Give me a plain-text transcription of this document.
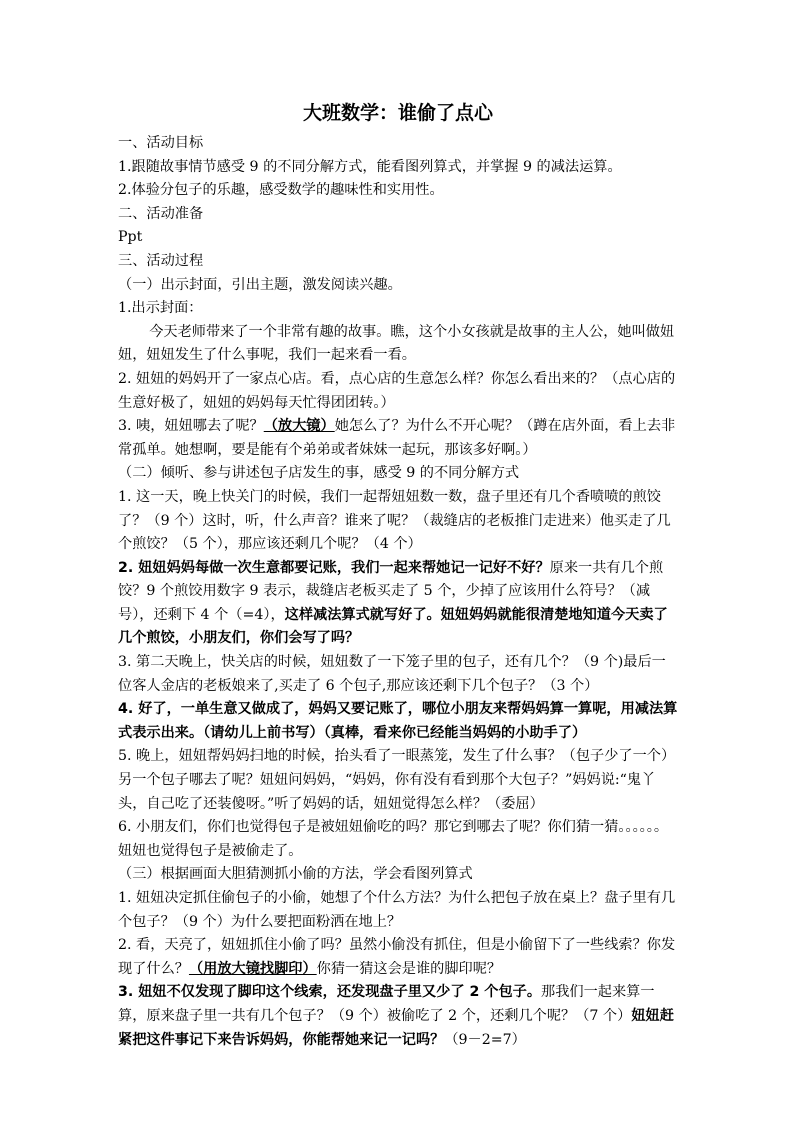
大班数学：谁偷了点心

一、活动目标

1.跟随故事情节感受 9 的不同分解方式，能看图列算式，并掌握 9 的减法运算。

2.体验分包子的乐趣，感受数学的趣味性和实用性。

二、活动准备

Ppt

三、活动过程

（一）出示封面，引出主题，激发阅读兴趣。

1.出示封面：

今天老师带来了一个非常有趣的故事。瞧，这个小女孩就是故事的主人公，她叫做妞妞，妞妞发生了什么事呢，我们一起来看一看。

2. 妞妞的妈妈开了一家点心店。看，点心店的生意怎么样？你怎么看出来的？（点心店的生意好极了，妞妞的妈妈每天忙得团团转。）

3. 咦，妞妞哪去了呢？（放大镜）她怎么了？为什么不开心呢？（蹲在店外面，看上去非常孤单。她想啊，要是能有个弟弟或者妹妹一起玩，那该多好啊。）

（二）倾听、参与讲述包子店发生的事，感受 9 的不同分解方式

1. 这一天，晚上快关门的时候，我们一起帮妞妞数一数，盘子里还有几个香喷喷的煎饺了？（9 个）这时，听，什么声音？谁来了呢？（裁缝店的老板推门走进来）他买走了几个煎饺？（5 个），那应该还剩几个呢？（4 个）

2. 妞妞妈妈每做一次生意都要记账，我们一起来帮她记一记好不好？原来一共有几个煎饺？9 个煎饺用数字 9 表示，裁缝店老板买走了 5 个，少掉了应该用什么符号？（减号），还剩下 4 个（=4），这样减法算式就写好了。妞妞妈妈就能很清楚地知道今天卖了几个煎饺，小朋友们，你们会写了吗？

3. 第二天晚上，快关店的时候，妞妞数了一下笼子里的包子，还有几个？（9 个)最后一位客人金店的老板娘来了,买走了 6 个包子,那应该还剩下几个包子？（3 个）

4. 好了，一单生意又做成了，妈妈又要记账了，哪位小朋友来帮妈妈算一算呢，用减法算式表示出来。（请幼儿上前书写）（真棒，看来你已经能当妈妈的小助手了）

5. 晚上，妞妞帮妈妈扫地的时候，抬头看了一眼蒸笼，发生了什么事？（包子少了一个）另一个包子哪去了呢？妞妞问妈妈，“妈妈，你有没有看到那个大包子？”妈妈说:“鬼丫头，自己吃了还装傻呀。”听了妈妈的话，妞妞觉得怎么样？（委屈）

6. 小朋友们，你们也觉得包子是被妞妞偷吃的吗？那它到哪去了呢？你们猜一猜。。。。。。妞妞也觉得包子是被偷走了。

（三）根据画面大胆猜测抓小偷的方法，学会看图列算式

1. 妞妞决定抓住偷包子的小偷，她想了个什么方法？为什么把包子放在桌上？盘子里有几个包子？（9 个）为什么要把面粉洒在地上？

2. 看，天亮了，妞妞抓住小偷了吗？虽然小偷没有抓住，但是小偷留下了一些线索？你发现了什么？（用放大镜找脚印）你猜一猜这会是谁的脚印呢？

3. 妞妞不仅发现了脚印这个线索，还发现盘子里又少了 2 个包子。那我们一起来算一算，原来盘子里一共有几个包子？（9 个）被偷吃了 2 个，还剩几个呢？（7 个）妞妞赶紧把这件事记下来告诉妈妈，你能帮她来记一记吗？（9－2=7）
